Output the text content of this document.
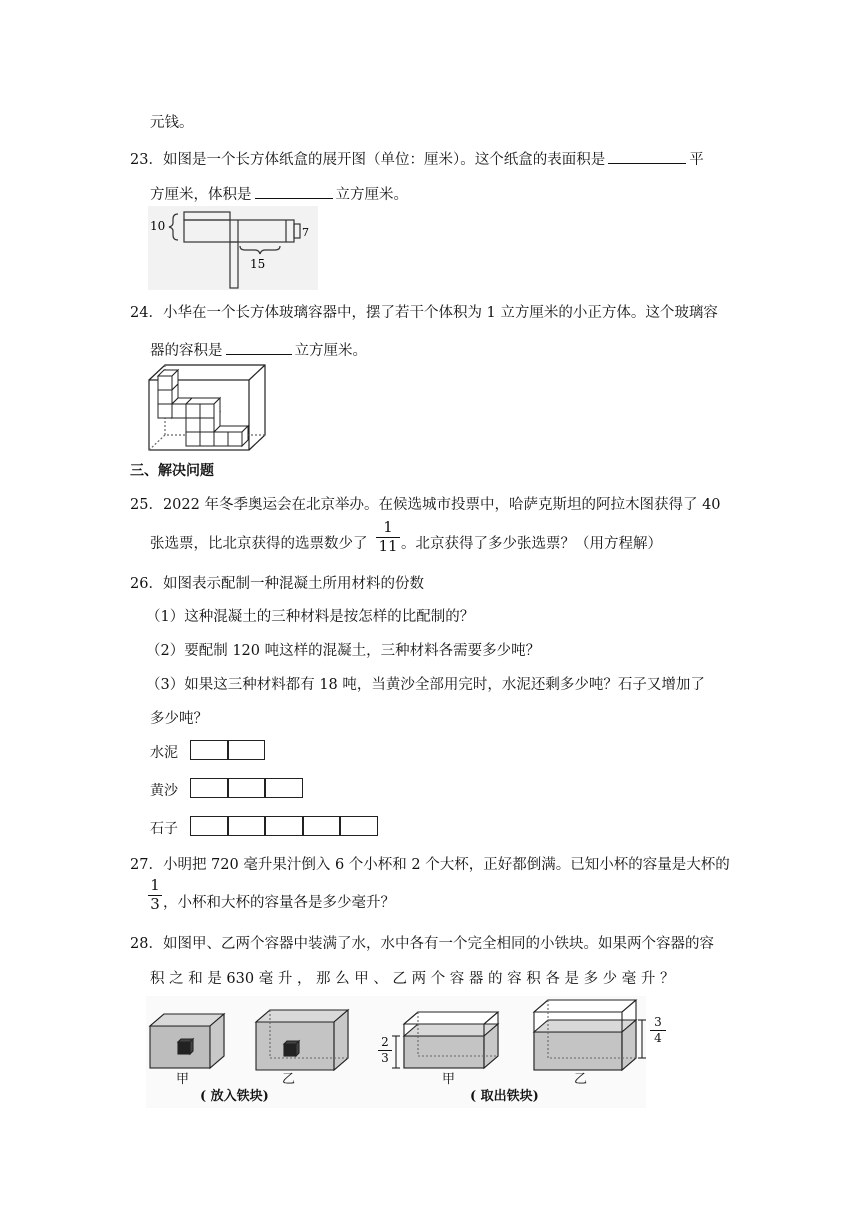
元钱。
23．如图是一个长方体纸盒的展开图（单位：厘米）。这个纸盒的表面积是	平
方厘米，体积是	立方厘米。
10	7
15
24．小华在一个长方体玻璃容器中，摆了若干个体积为 1 立方厘米的小正方体。这个玻璃容
器的容积是	立方厘米。
三、解决问题
25．2022 年冬季奥运会在北京举办。在候选城市投票中，哈萨克斯坦的阿拉木图获得了 40
张选票，比北京获得的选票数少了
1
11 。北京获得了多少张选票？（用方程解）
26．如图表示配制一种混凝土所用材料的份数
（1）这种混凝土的三种材料是按怎样的比配制的？
（2）要配制 120 吨这样的混凝土，三种材料各需要多少吨？
（3）如果这三种材料都有 18 吨，当黄沙全部用完时，水泥还剩多少吨？石子又增加了
多少吨？
水泥
黄沙
石子
27．小明把 720 毫升果汁倒入 6 个小杯和 2 个大杯，正好都倒满。已知小杯的容量是大杯的
1
3 ，小杯和大杯的容量各是多少毫升？
28．如图甲、乙两个容器中装满了水，水中各有一个完全相同的小铁块。如果两个容器的容
积 之 和 是 630 毫 升 ， 那 么 甲 、 乙 两 个 容 器 的 容 积 各 是 多 少 毫 升 ？
2
3
3
4
甲	乙	甲	乙
( 放入铁块)	( 取出铁块)
